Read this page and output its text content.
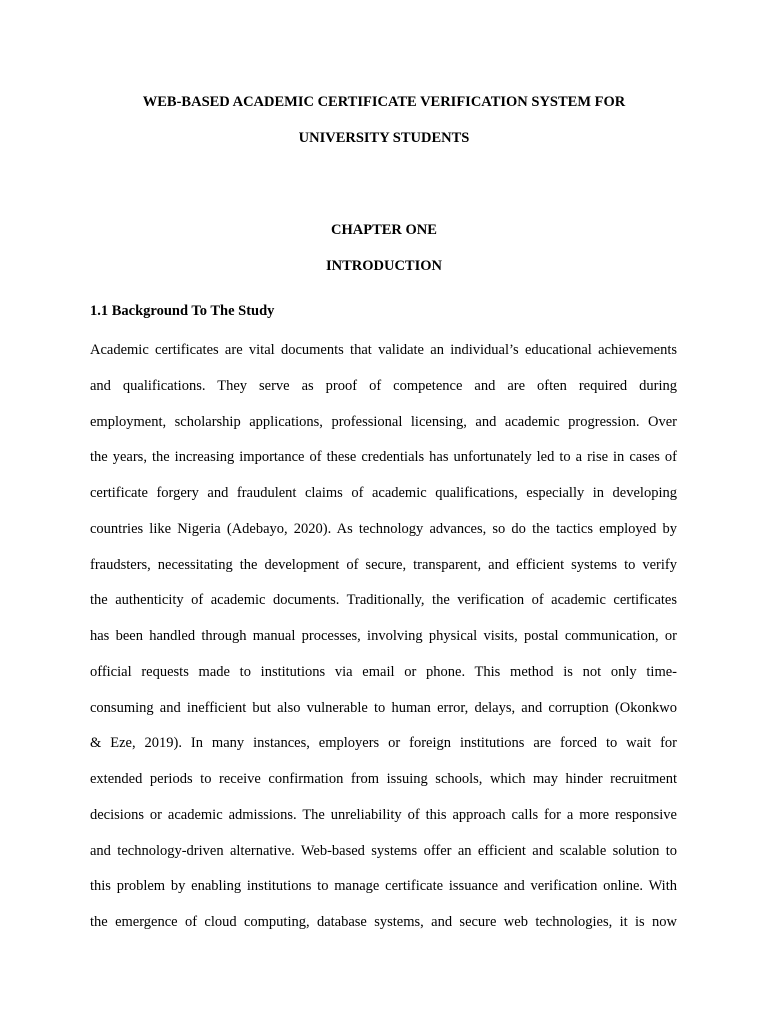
WEB-BASED ACADEMIC CERTIFICATE VERIFICATION SYSTEM FOR
UNIVERSITY STUDENTS
CHAPTER ONE
INTRODUCTION
1.1 Background To The Study
Academic certificates are vital documents that validate an individual’s educational achievements
and qualifications. They serve as proof of competence and are often required during
employment, scholarship applications, professional licensing, and academic progression. Over
the years, the increasing importance of these credentials has unfortunately led to a rise in cases of
certificate forgery and fraudulent claims of academic qualifications, especially in developing
countries like Nigeria (Adebayo, 2020). As technology advances, so do the tactics employed by
fraudsters, necessitating the development of secure, transparent, and efficient systems to verify
the authenticity of academic documents. Traditionally, the verification of academic certificates
has been handled through manual processes, involving physical visits, postal communication, or
official requests made to institutions via email or phone. This method is not only time-
consuming and inefficient but also vulnerable to human error, delays, and corruption (Okonkwo
& Eze, 2019). In many instances, employers or foreign institutions are forced to wait for
extended periods to receive confirmation from issuing schools, which may hinder recruitment
decisions or academic admissions. The unreliability of this approach calls for a more responsive
and technology-driven alternative. Web-based systems offer an efficient and scalable solution to
this problem by enabling institutions to manage certificate issuance and verification online. With
the emergence of cloud computing, database systems, and secure web technologies, it is now
